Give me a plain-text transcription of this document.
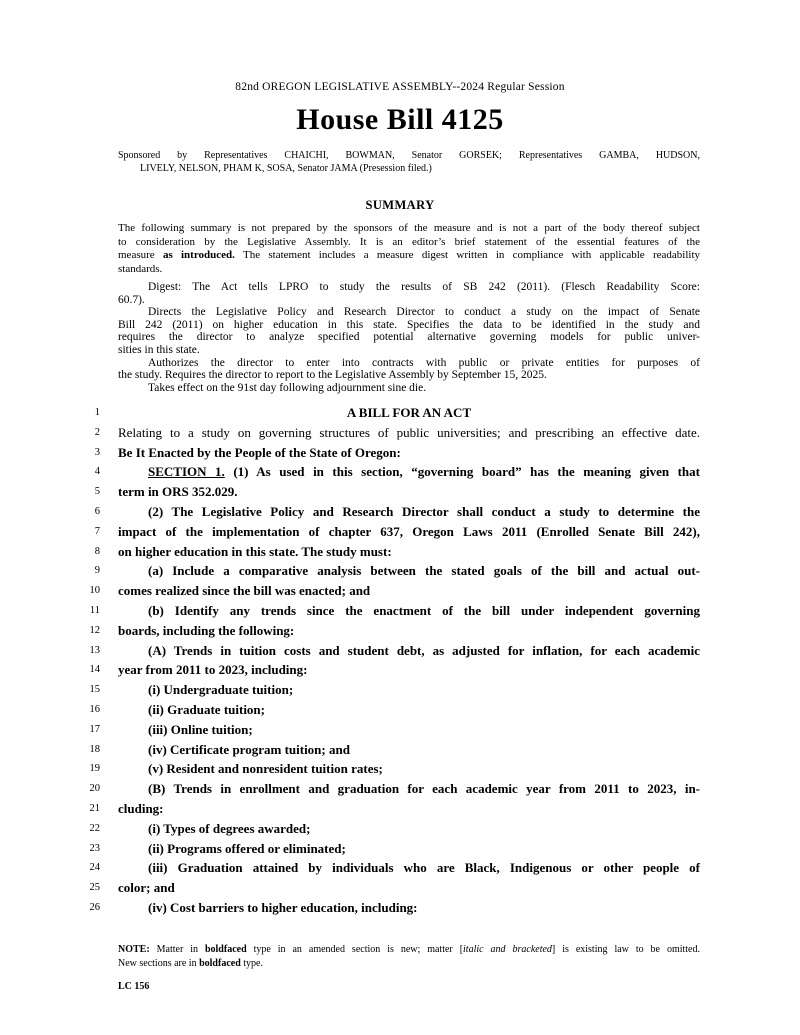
82nd OREGON LEGISLATIVE ASSEMBLY--2024 Regular Session
House Bill 4125
Sponsored by Representatives CHAICHI, BOWMAN, Senator GORSEK; Representatives GAMBA, HUDSON,
LIVELY, NELSON, PHAM K, SOSA, Senator JAMA (Presession filed.)
SUMMARY
The following summary is not prepared by the sponsors of the measure and is not a part of the body thereof subject
to consideration by the Legislative Assembly. It is an editor’s brief statement of the essential features of the
measure as introduced. The statement includes a measure digest written in compliance with applicable readability
standards.
Digest: The Act tells LPRO to study the results of SB 242 (2011). (Flesch Readability Score:
60.7).
Directs the Legislative Policy and Research Director to conduct a study on the impact of Senate
Bill 242 (2011) on higher education in this state. Specifies the data to be identified in the study and
requires the director to analyze specified potential alternative governing models for public univer-
sities in this state.
Authorizes the director to enter into contracts with public or private entities for purposes of
the study. Requires the director to report to the Legislative Assembly by September 15, 2025.
Takes effect on the 91st day following adjournment sine die.
1	A BILL FOR AN ACT
2 Relating to a study on governing structures of public universities; and prescribing an effective date.
3 Be It Enacted by the People of the State of Oregon:
4	SECTION 1. (1) As used in this section, “governing board” has the meaning given that
5 term in ORS 352.029.
6	(2) The Legislative Policy and Research Director shall conduct a study to determine the
7 impact of the implementation of chapter 637, Oregon Laws 2011 (Enrolled Senate Bill 242),
8 on higher education in this state. The study must:
9	(a) Include a comparative analysis between the stated goals of the bill and actual out-
10 comes realized since the bill was enacted; and
11	(b) Identify any trends since the enactment of the bill under independent governing
12 boards, including the following:
13	(A) Trends in tuition costs and student debt, as adjusted for inflation, for each academic
14 year from 2011 to 2023, including:
15	(i) Undergraduate tuition;
16	(ii) Graduate tuition;
17	(iii) Online tuition;
18	(iv) Certificate program tuition; and
19	(v) Resident and nonresident tuition rates;
20	(B) Trends in enrollment and graduation for each academic year from 2011 to 2023, in-
21 cluding:
22	(i) Types of degrees awarded;
23	(ii) Programs offered or eliminated;
24	(iii) Graduation attained by individuals who are Black, Indigenous or other people of
25 color; and
26	(iv) Cost barriers to higher education, including:
NOTE: Matter in boldfaced type in an amended section is new; matter [italic and bracketed] is existing law to be omitted.
New sections are in boldfaced type.
LC 156
